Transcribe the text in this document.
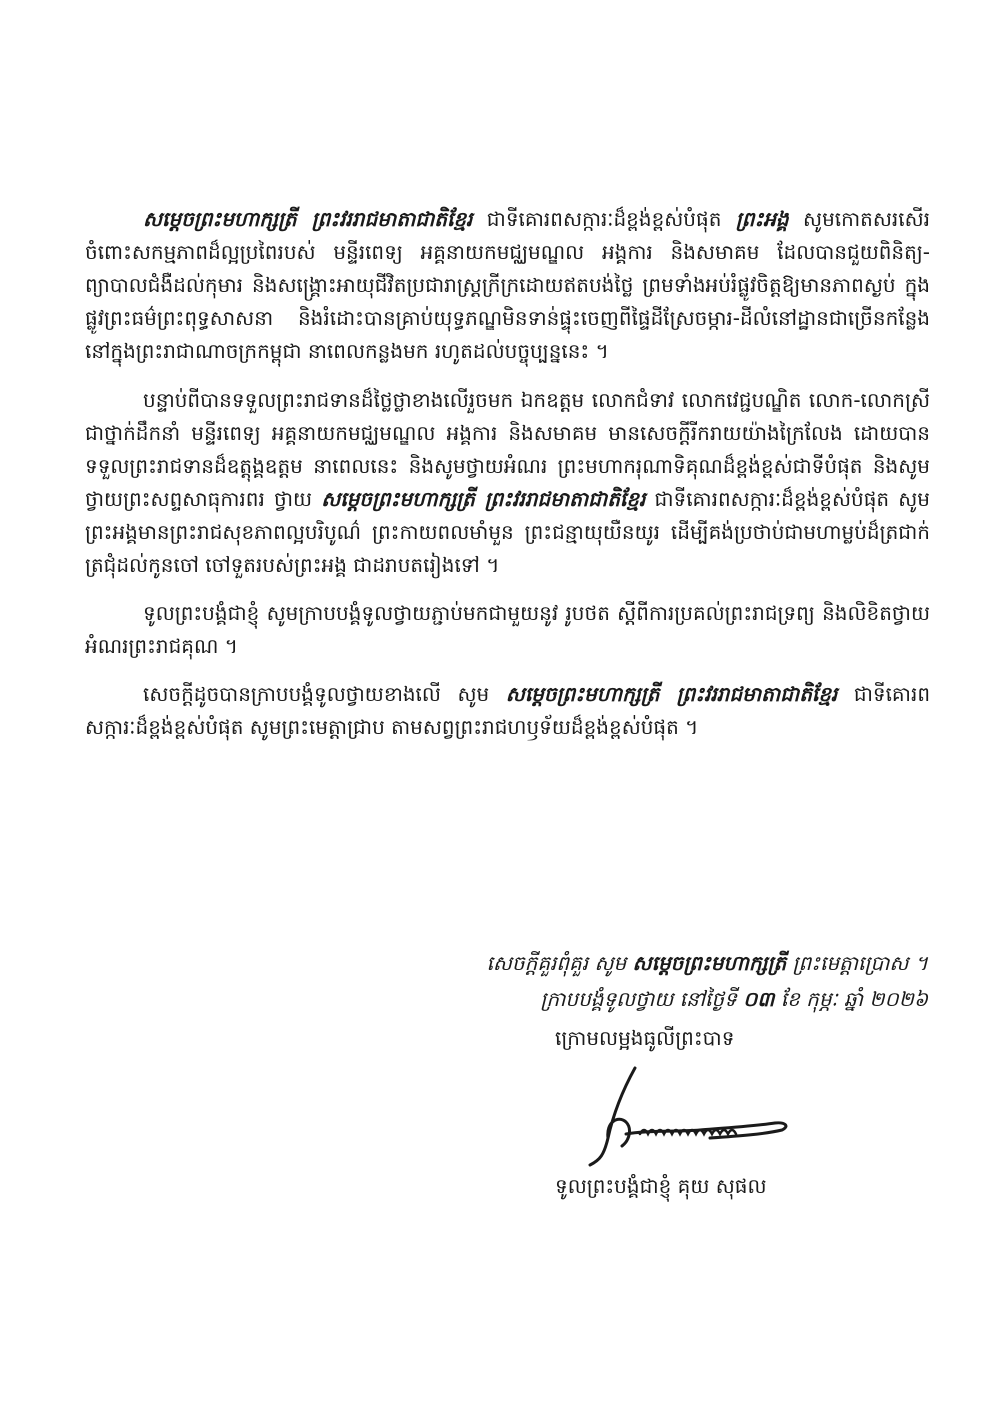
សម្ដេចព្រះមហាក្សត្រី ព្រះវររាជមាតាជាតិខ្មែរ ជាទីគោរពសក្ការៈដ៏ខ្ពង់ខ្ពស់បំផុត ព្រះអង្គ សូមកោតសរសើរចំពោះសកម្មភាពដ៏ល្អប្រពៃរបស់ មន្ទីរពេទ្យ អគ្គនាយកមជ្ឈមណ្ឌល អង្គការ និងសមាគម ដែលបានជួយពិនិត្យ-ព្យាបាលជំងឺដល់កុមារ និងសង្គ្រោះអាយុជីវិតប្រជារាស្ត្រក្រីក្រដោយឥតបង់ថ្លៃ ព្រមទាំងអប់រំផ្លូវចិត្តឱ្យមានភាពស្ងប់ ក្នុងផ្លូវព្រះធម៌ព្រះពុទ្ធសាសនា និងរំដោះបានគ្រាប់យុទ្ធភណ្ឌមិនទាន់ផ្ទុះចេញពីផ្ទៃដីស្រែចម្ការ-ដីលំនៅដ្ឋានជាច្រើនកន្លែង នៅក្នុងព្រះរាជាណាចក្រកម្ពុជា នាពេលកន្លងមក រហូតដល់បច្ចុប្បន្ននេះ ។

បន្ទាប់ពីបានទទួលព្រះរាជទានដ៏ថ្លៃថ្លាខាងលើរួចមក ឯកឧត្តម លោកជំទាវ លោកវេជ្ជបណ្ឌិត លោក-លោកស្រី ជាថ្នាក់ដឹកនាំ មន្ទីរពេទ្យ អគ្គនាយកមជ្ឈមណ្ឌល អង្គការ និងសមាគម មានសេចក្ដីរីករាយយ៉ាងក្រៃលែង ដោយបានទទួលព្រះរាជទានដ៏ឧត្ដុង្គឧត្ដម នាពេលនេះ និងសូមថ្វាយអំណរ ព្រះមហាករុណាទិគុណដ៏ខ្ពង់ខ្ពស់ជាទីបំផុត និងសូមថ្វាយព្រះសព្ទសាធុការពរ ថ្វាយ សម្ដេចព្រះមហាក្សត្រី ព្រះវររាជមាតាជាតិខ្មែរ ជាទីគោរពសក្ការៈដ៏ខ្ពង់ខ្ពស់បំផុត សូមព្រះអង្គមានព្រះរាជសុខភាពល្អបរិបូណ៌ ព្រះកាយពលមាំមួន ព្រះជន្មាយុយឺនយូរ ដើម្បីគង់ប្រថាប់ជាមហាម្លប់ដ៏ត្រជាក់ត្រជុំដល់កូនចៅ ចៅទួតរបស់ព្រះអង្គ ជាដរាបតរៀងទៅ ។

ទូលព្រះបង្គំជាខ្ញុំ សូមក្រាបបង្គំទូលថ្វាយភ្ជាប់មកជាមួយនូវ រូបថត ស្តីពីការប្រគល់ព្រះរាជទ្រព្យ និងលិខិតថ្វាយអំណរព្រះរាជគុណ ។

សេចក្ដីដូចបានក្រាបបង្គំទូលថ្វាយខាងលើ សូម សម្ដេចព្រះមហាក្សត្រី ព្រះវររាជមាតាជាតិខ្មែរ ជាទីគោរពសក្ការៈដ៏ខ្ពង់ខ្ពស់បំផុត សូមព្រះមេត្តាជ្រាប តាមសព្វព្រះរាជហឫទ័យដ៏ខ្ពង់ខ្ពស់បំផុត ។

សេចក្ដីគួរពុំគួរ សូម សម្ដេចព្រះមហាក្សត្រី ព្រះមេត្តាប្រោស ។
ក្រាបបង្គំទូលថ្វាយ នៅថ្ងៃទី ០៣ ខែ កុម្ភៈ ឆ្នាំ ២០២៦
ក្រោមលម្អងធូលីព្រះបាទ
ទូលព្រះបង្គំជាខ្ញុំ គុយ សុផល
